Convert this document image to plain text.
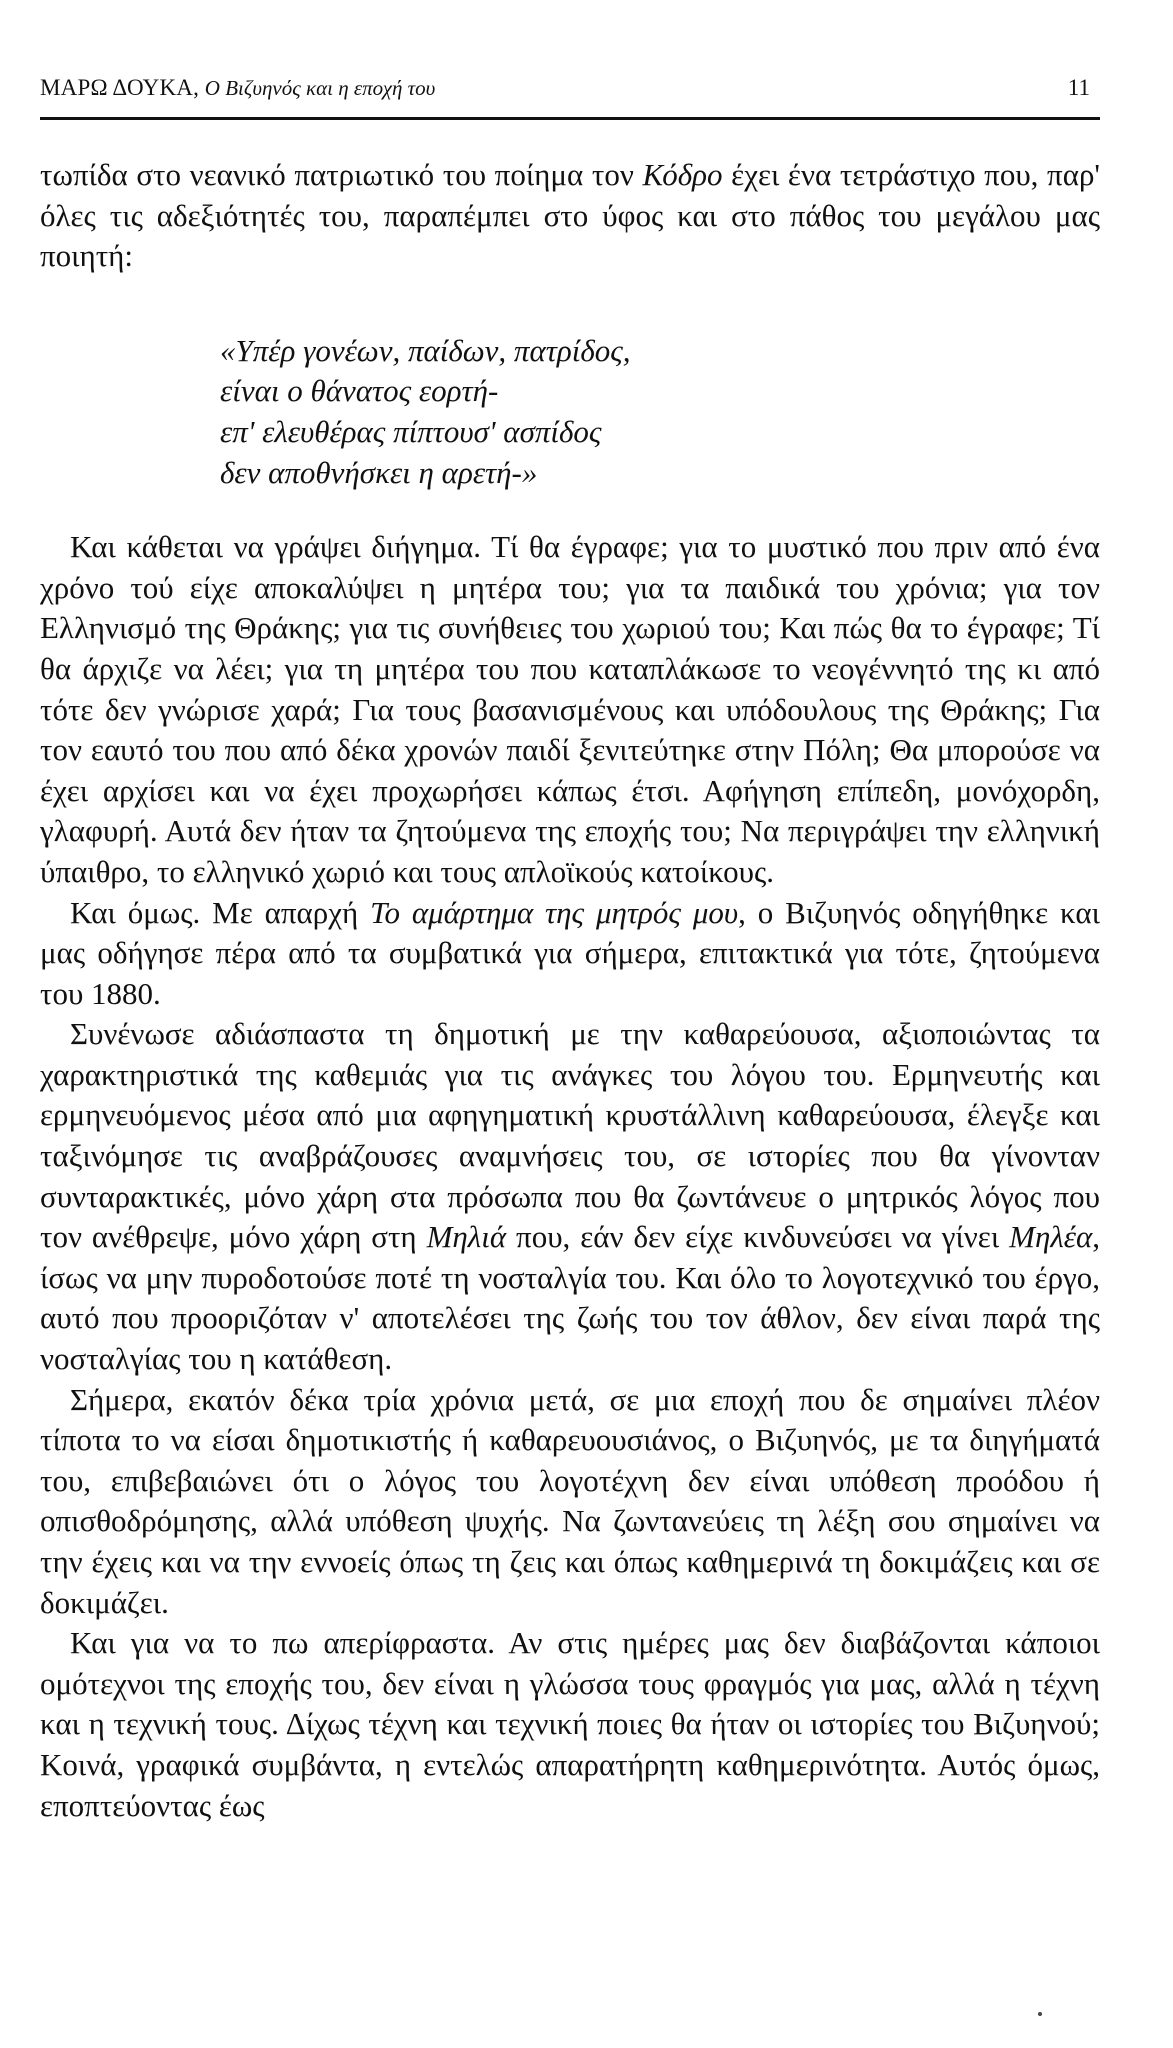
ΜΑΡΩ ΔΟΥΚΑ, Ο Βιζυηνός και η εποχή του	11

τωπίδα στο νεανικό πατριωτικό του ποίημα τον Κόδρο έχει ένα τετράστιχο που, παρ' όλες τις αδεξιότητές του, παραπέμπει στο ύφος και στο πάθος του μεγάλου μας ποιητή:

«Υπέρ γονέων, παίδων, πατρίδος,
είναι ο θάνατος εορτή-
επ' ελευθέρας πίπτουσ' ασπίδος
δεν αποθνήσκει η αρετή-»

Και κάθεται να γράψει διήγημα. Τί θα έγραφε; για το μυστικό που πριν από ένα χρόνο τού είχε αποκαλύψει η μητέρα του; για τα παιδικά του χρόνια; για τον Ελληνισμό της Θράκης; για τις συνήθειες του χωριού του; Και πώς θα το έγραφε; Τί θα άρχιζε να λέει; για τη μητέρα του που καταπλάκωσε το νεογέννητό της κι από τότε δεν γνώρισε χαρά; Για τους βασανισμένους και υπόδουλους της Θράκης; Για τον εαυτό του που από δέκα χρονών παιδί ξενιτεύτηκε στην Πόλη; Θα μπορούσε να έχει αρχίσει και να έχει προχωρήσει κάπως έτσι. Αφήγηση επίπεδη, μονόχορδη, γλαφυρή. Αυτά δεν ήταν τα ζητούμενα της εποχής του; Να περιγράψει την ελληνική ύπαιθρο, το ελληνικό χωριό και τους απλοϊκούς κατοίκους.

Και όμως. Με απαρχή Το αμάρτημα της μητρός μου, ο Βιζυηνός οδηγήθηκε και μας οδήγησε πέρα από τα συμβατικά για σήμερα, επιτακτικά για τότε, ζητούμενα του 1880.

Συνένωσε αδιάσπαστα τη δημοτική με την καθαρεύουσα, αξιοποιώντας τα χαρακτηριστικά της καθεμιάς για τις ανάγκες του λόγου του. Ερμηνευτής και ερμηνευόμενος μέσα από μια αφηγηματική κρυστάλλινη καθαρεύουσα, έλεγξε και ταξινόμησε τις αναβράζουσες αναμνήσεις του, σε ιστορίες που θα γίνονταν συνταρακτικές, μόνο χάρη στα πρόσωπα που θα ζωντάνευε ο μητρικός λόγος που τον ανέθρεψε, μόνο χάρη στη Μηλιά που, εάν δεν είχε κινδυνεύσει να γίνει Μηλέα, ίσως να μην πυροδοτούσε ποτέ τη νοσταλγία του. Και όλο το λογοτεχνικό του έργο, αυτό που προοριζόταν ν' αποτελέσει της ζωής του τον άθλον, δεν είναι παρά της νοσταλγίας του η κατάθεση.

Σήμερα, εκατόν δέκα τρία χρόνια μετά, σε μια εποχή που δε σημαίνει πλέον τίποτα το να είσαι δημοτικιστής ή καθαρευουσιάνος, ο Βιζυηνός, με τα διηγήματά του, επιβεβαιώνει ότι ο λόγος του λογοτέχνη δεν είναι υπόθεση προόδου ή οπισθοδρόμησης, αλλά υπόθεση ψυχής. Να ζωντανεύεις τη λέξη σου σημαίνει να την έχεις και να την εννοείς όπως τη ζεις και όπως καθημερινά τη δοκιμάζεις και σε δοκιμάζει.

Και για να το πω απερίφραστα. Αν στις ημέρες μας δεν διαβάζονται κάποιοι ομότεχνοι της εποχής του, δεν είναι η γλώσσα τους φραγμός για μας, αλλά η τέχνη και η τεχνική τους. Δίχως τέχνη και τεχνική ποιες θα ήταν οι ιστορίες του Βιζυηνού; Κοινά, γραφικά συμβάντα, η εντελώς απαρατήρητη καθημερινότητα. Αυτός όμως, εποπτεύοντας έως
